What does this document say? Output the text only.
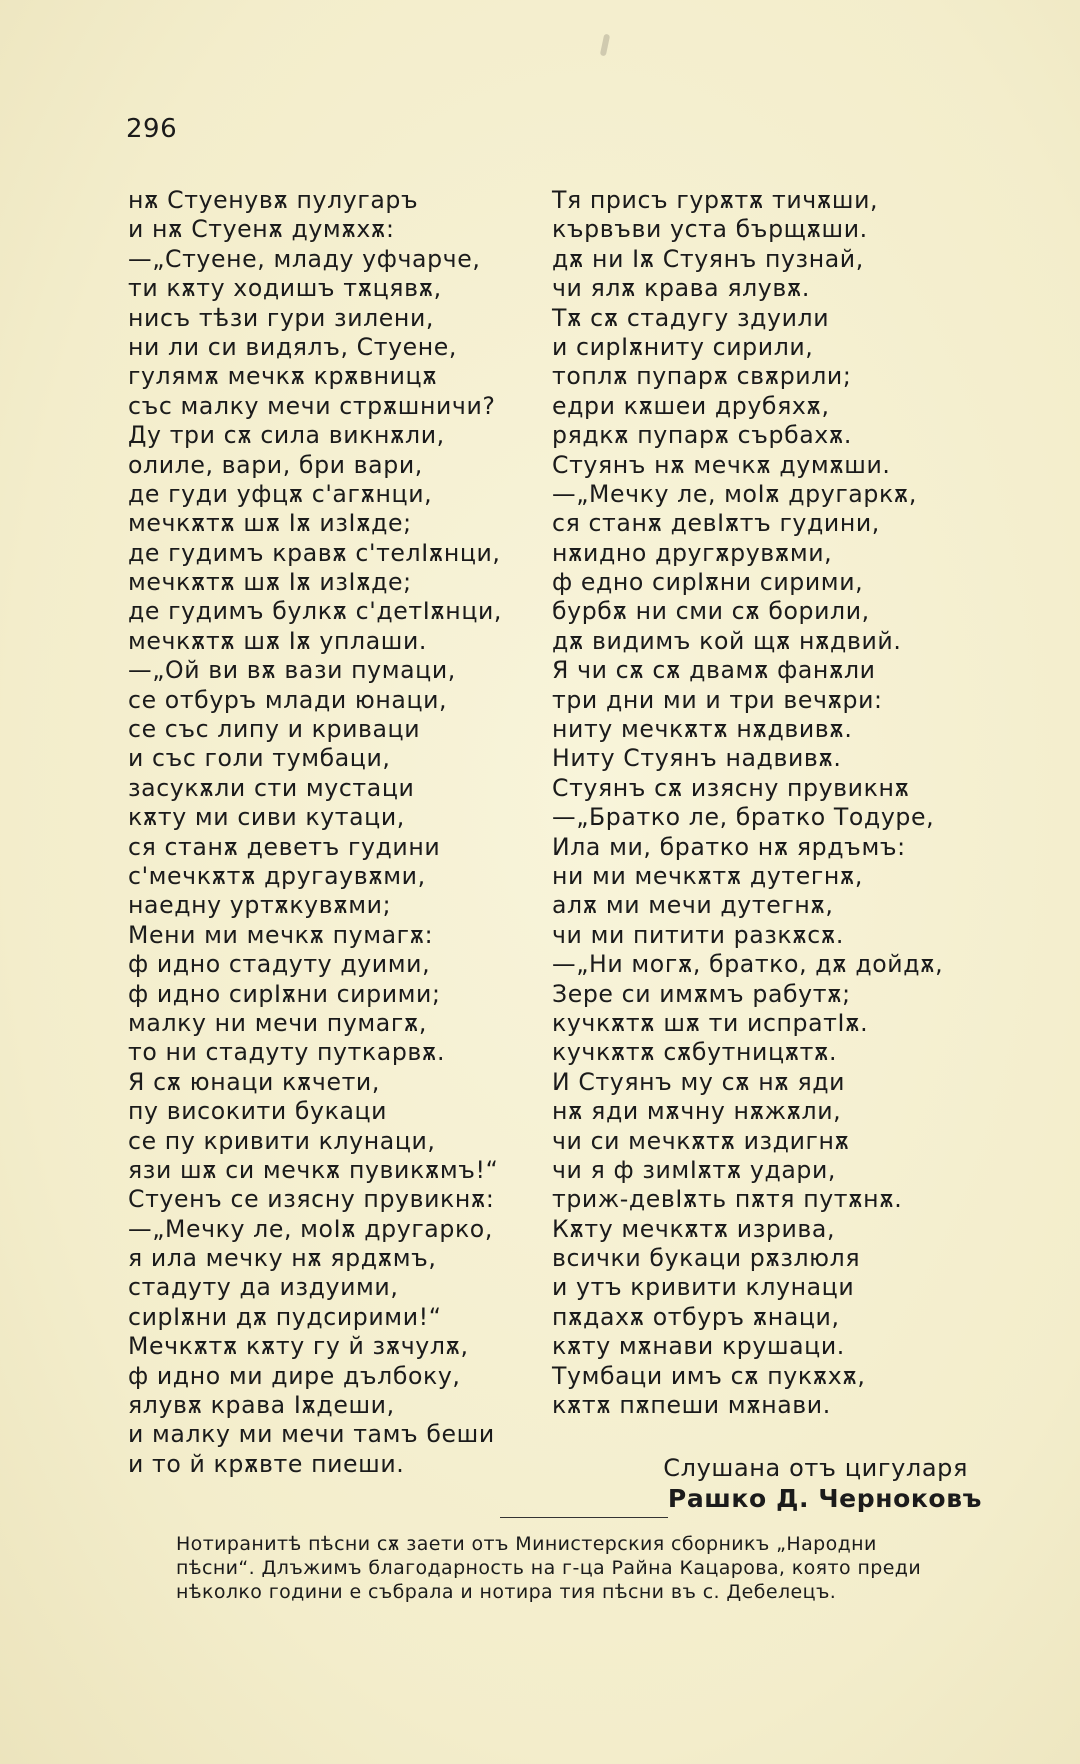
296
нѫ Стуенувѫ пулугаръ
и нѫ Стуенѫ думѫхѫ:
—„Стуене, младу уфчарче,
ти кѫту ходишъ тѫцявѫ,
нисъ тѣзи гури зилени,
ни ли си видялъ, Стуене,
гулямѫ мечкѫ крѫвницѫ
със малку мечи стрѫшничи?
Ду три сѫ сила викнѫли,
олиле, вари, бри вари,
де гуди уфцѫ с'агѫнци,
мечкѫтѫ шѫ Іѫ изІѫде;
де гудимъ кравѫ с'телІѫнци,
мечкѫтѫ шѫ Іѫ изІѫде;
де гудимъ булкѫ с'детІѫнци,
мечкѫтѫ шѫ Іѫ уплаши.
—„Ой ви вѫ вази пумаци,
се отбуръ млади юнаци,
се със липу и криваци
и със голи тумбаци,
засукѫли сти мустаци
кѫту ми сиви кутаци,
ся станѫ деветъ гудини
с'мечкѫтѫ другаувѫми,
наедну уртѫкувѫми;
Мени ми мечкѫ пумагѫ:
ф идно стадуту дуими,
ф идно сирІѫни сирими;
малку ни мечи пумагѫ,
то ни стадуту путкарвѫ.
Я сѫ юнаци кѫчети,
пу високити букаци
се пу кривити клунаци,
язи шѫ си мечкѫ пувикѫмъ!“
Стуенъ се изясну прувикнѫ:
—„Мечку ле, моІѫ другарко,
я ила мечку нѫ ярдѫмъ,
стадуту да издуими,
сирІѫни дѫ пудсирими!“
Мечкѫтѫ кѫту гу й зѫчулѫ,
ф идно ми дире дълбоку,
ялувѫ крава Іѫдеши,
и малку ми мечи тамъ беши
и то й крѫвте пиеши.
Тя присъ гурѫтѫ тичѫши,
кървъви уста бърщѫши.
дѫ ни Іѫ Стуянъ пузнай,
чи ялѫ крава ялувѫ.
Тѫ сѫ стадугу здуили
и сирІѫниту сирили,
топлѫ пупарѫ свѫрили;
едри кѫшеи друбяхѫ,
рядкѫ пупарѫ сърбахѫ.
Стуянъ нѫ мечкѫ думѫши.
—„Мечку ле, моІѫ другаркѫ,
ся станѫ девІѫтъ гудини,
нѫидно другѫрувѫми,
ф едно сирІѫни сирими,
бурбѫ ни сми сѫ борили,
дѫ видимъ кой щѫ нѫдвий.
Я чи сѫ сѫ двамѫ фанѫли
три дни ми и три вечѫри:
ниту мечкѫтѫ нѫдвивѫ.
Ниту Стуянъ надвивѫ.
Стуянъ сѫ изясну прувикнѫ
—„Братко ле, братко Тодуре,
Ила ми, братко нѫ ярдъмъ:
ни ми мечкѫтѫ дутегнѫ,
алѫ ми мечи дутегнѫ,
чи ми питити разкѫсѫ.
—„Ни могѫ, братко, дѫ дойдѫ,
Зере си имѫмъ рабутѫ;
кучкѫтѫ шѫ ти испратІѫ.
кучкѫтѫ сѫбутницѫтѫ.
И Стуянъ му сѫ нѫ яди
нѫ яди мѫчну нѫжѫли,
чи си мечкѫтѫ издигнѫ
чи я ф зимІѫтѫ удари,
триж-девІѫть пѫтя путѫнѫ.
Кѫту мечкѫтѫ изрива,
всички букаци рѫзлюля
и утъ кривити клунаци
пѫдахѫ отбуръ ѫнаци,
кѫту мѫнави крушаци.
Тумбаци имъ сѫ пукѫхѫ,
кѫтѫ пѫпеши мѫнави.
Слушана отъ цигуларя
Рашко Д. Черноковъ
Нотиранитѣ пѣсни сѫ заети отъ Министерския сборникъ „Народни
пѣсни“. Длъжимъ благодарность на г-ца Райна Кацарова, която преди
нѣколко години е събрала и нотира тия пѣсни въ с. Дебелецъ.
